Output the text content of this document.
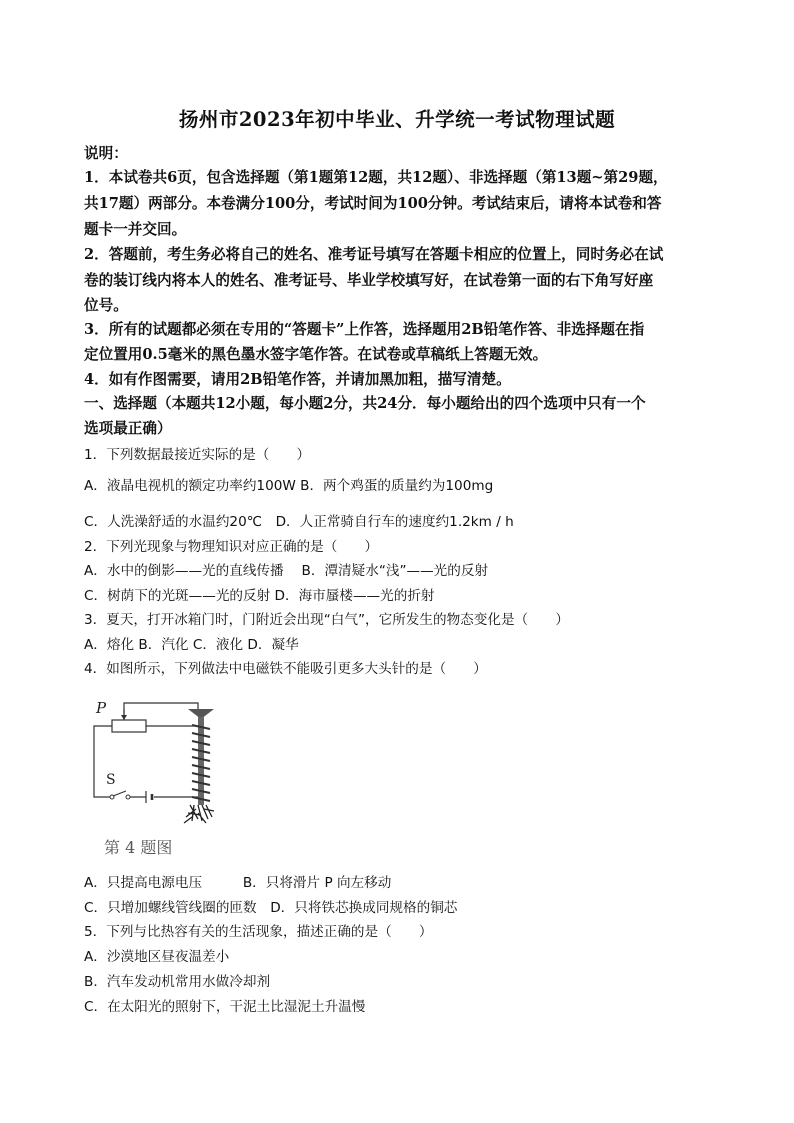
扬州市2023年初中毕业、升学统一考试物理试题
说明：
1．本试卷共6页，包含选择题（第1题第12题，共12题）、非选择题（第13题~第29题，
共17题）两部分。本卷满分100分，考试时间为100分钟。考试结束后，请将本试卷和答
题卡一并交回。
2．答题前，考生务必将自己的姓名、准考证号填写在答题卡相应的位置上，同时务必在试
卷的装订线内将本人的姓名、准考证号、毕业学校填写好，在试卷第一面的右下角写好座
位号。
3．所有的试题都必须在专用的“答题卡”上作答，选择题用2B铅笔作答、非选择题在指
定位置用0.5毫米的黑色墨水签字笔作答。在试卷或草稿纸上答题无效。
4．如有作图需要，请用2B铅笔作答，并请加黑加粗，描写清楚。
一、选择题（本题共12小题，每小题2分，共24分．每小题给出的四个选项中只有一个
选项最正确）
1．下列数据最接近实际的是（　　）
A．液晶电视机的额定功率约100W B．两个鸡蛋的质量约为100mg
C．人洗澡舒适的水温约20℃　D．人正常骑自行车的速度约1.2km / h
2．下列光现象与物理知识对应正确的是（　　）
A．水中的倒影——光的直线传播　 B．潭清疑水“浅”——光的反射
C．树荫下的光斑——光的反射 D．海市蜃楼——光的折射
3．夏天，打开冰箱门时，门附近会出现“白气”，它所发生的物态变化是（　　）
A．熔化 B．汽化 C．液化 D．凝华
4．如图所示，下列做法中电磁铁不能吸引更多大头针的是（　　）
P
S
第 4 题图
A．只提高电源电压　　　B．只将滑片 P 向左移动
C．只增加螺线管线圈的匝数　D．只将铁芯换成同规格的铜芯
5．下列与比热容有关的生活现象，描述正确的是（　　）
A．沙漠地区昼夜温差小
B．汽车发动机常用水做冷却剂
C．在太阳光的照射下，干泥土比湿泥土升温慢
